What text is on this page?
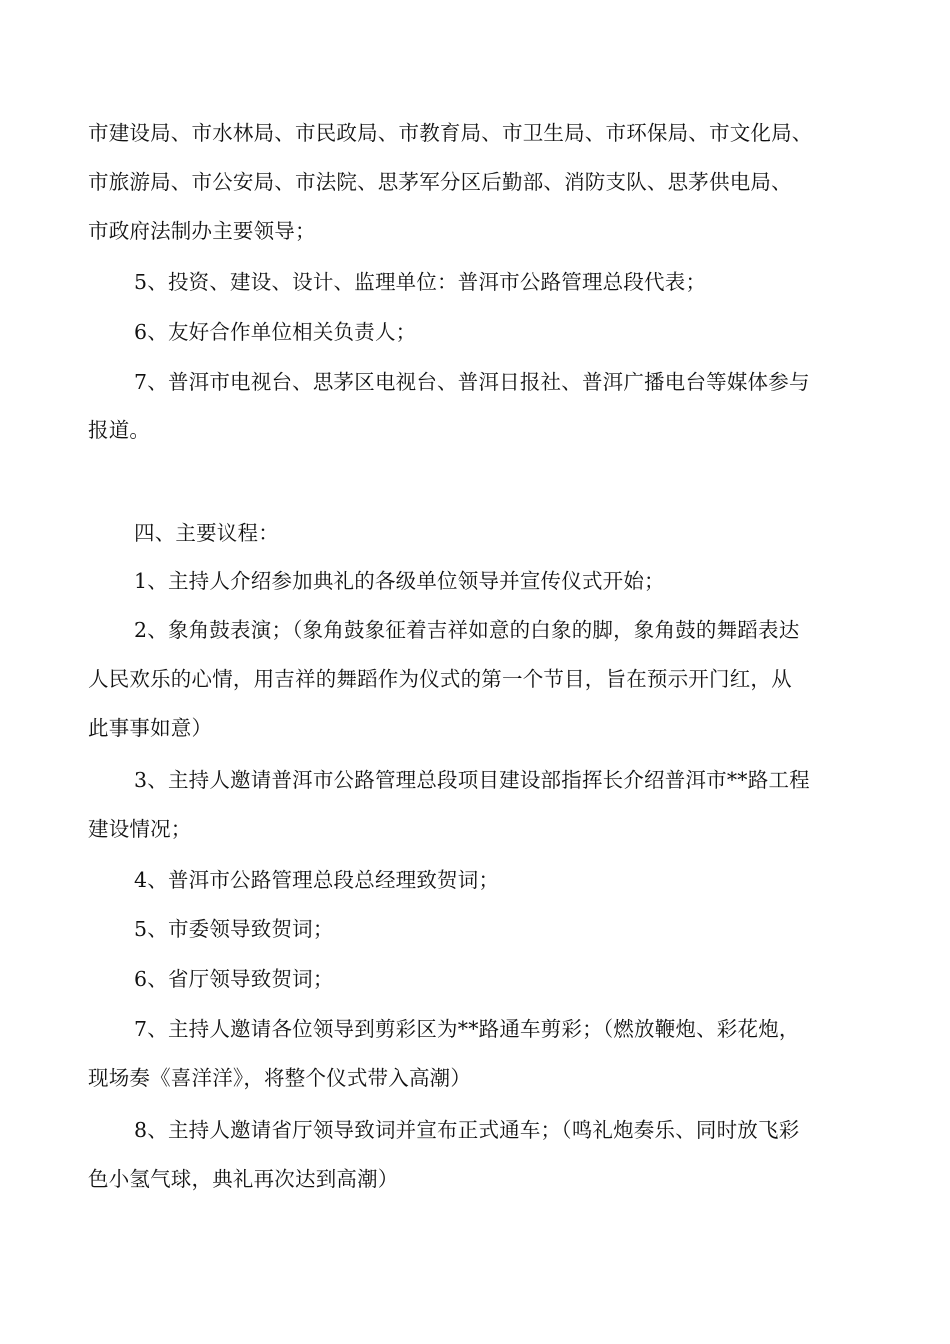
市建设局、市水林局、市民政局、市教育局、市卫生局、市环保局、市文化局、

市旅游局、市公安局、市法院、思茅军分区后勤部、消防支队、思茅供电局、

市政府法制办主要领导；

5、投资、建设、设计、监理单位：普洱市公路管理总段代表；

6、友好合作单位相关负责人；

7、普洱市电视台、思茅区电视台、普洱日报社、普洱广播电台等媒体参与

报道。

四、主要议程：

1、主持人介绍参加典礼的各级单位领导并宣传仪式开始；

2、象角鼓表演；（象角鼓象征着吉祥如意的白象的脚，象角鼓的舞蹈表达

人民欢乐的心情，用吉祥的舞蹈作为仪式的第一个节目，旨在预示开门红，从

此事事如意）

3、主持人邀请普洱市公路管理总段项目建设部指挥长介绍普洱市**路工程

建设情况；

4、普洱市公路管理总段总经理致贺词；

5、市委领导致贺词；

6、省厅领导致贺词；

7、主持人邀请各位领导到剪彩区为**路通车剪彩；（燃放鞭炮、彩花炮，

现场奏《喜洋洋》，将整个仪式带入高潮）

8、主持人邀请省厅领导致词并宣布正式通车；（鸣礼炮奏乐、同时放飞彩

色小氢气球，典礼再次达到高潮）
